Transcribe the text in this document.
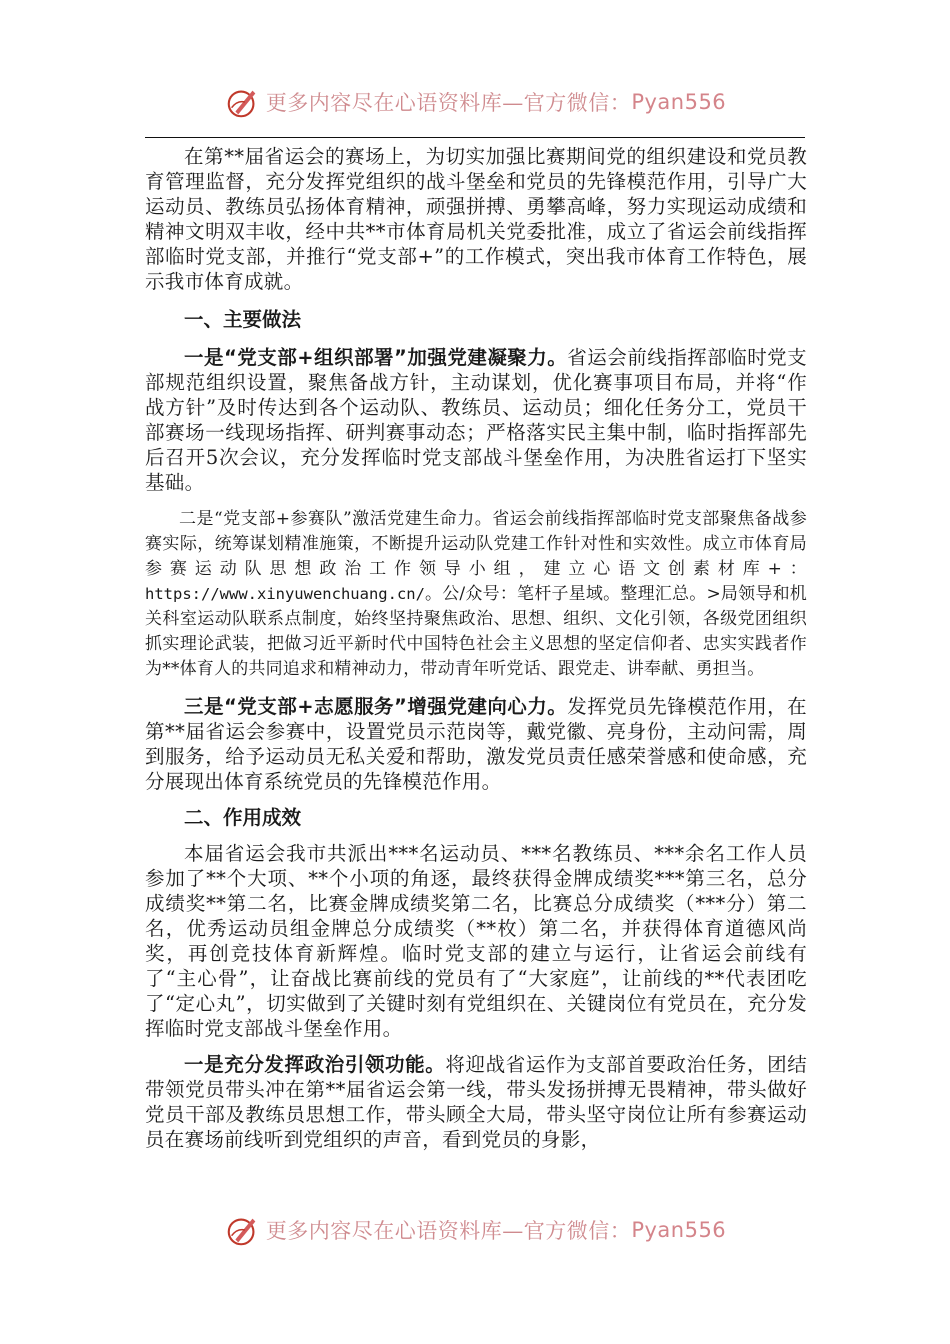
更多内容尽在心语资料库—官方微信： Pyan556

在第**届省运会的赛场上，为切实加强比赛期间党的组织建设和党员教育管理监督，充分发挥党组织的战斗堡垒和党员的先锋模范作用，引导广大运动员、教练员弘扬体育精神，顽强拼搏、勇攀高峰，努力实现运动成绩和精神文明双丰收，经中共**市体育局机关党委批准，成立了省运会前线指挥部临时党支部，并推行“党支部+”的工作模式，突出我市体育工作特色，展示我市体育成就。

一、主要做法

一是“党支部+组织部署”加强党建凝聚力。省运会前线指挥部临时党支部规范组织设置，聚焦备战方针，主动谋划，优化赛事项目布局，并将“作战方针”及时传达到各个运动队、教练员、运动员；细化任务分工，党员干部赛场一线现场指挥、研判赛事动态；严格落实民主集中制，临时指挥部先后召开5次会议，充分发挥临时党支部战斗堡垒作用，为决胜省运打下坚实基础。

二是“党支部+参赛队”激活党建生命力。省运会前线指挥部临时党支部聚焦备战参赛实际，统筹谋划精准施策，不断提升运动队党建工作针对性和实效性。成立市体育局参赛运动队思想政治工作领导小组，建立心语文创素材库+：https://www.xinyuwenchuang.cn/。公/众号：笔杆子星域。整理汇总。>局领导和机关科室运动队联系点制度，始终坚持聚焦政治、思想、组织、文化引领，各级党团组织抓实理论武装，把做习近平新时代中国特色社会主义思想的坚定信仰者、忠实实践者作为**体育人的共同追求和精神动力，带动青年听党话、跟党走、讲奉献、勇担当。

三是“党支部+志愿服务”增强党建向心力。发挥党员先锋模范作用，在第**届省运会参赛中，设置党员示范岗等，戴党徽、亮身份，主动问需，周到服务，给予运动员无私关爱和帮助，激发党员责任感荣誉感和使命感，充分展现出体育系统党员的先锋模范作用。

二、作用成效

本届省运会我市共派出***名运动员、***名教练员、***余名工作人员参加了**个大项、**个小项的角逐，最终获得金牌成绩奖***第三名，总分成绩奖**第二名，比赛金牌成绩奖第二名，比赛总分成绩奖（***分）第二名，优秀运动员组金牌总分成绩奖（**枚）第二名，并获得体育道德风尚奖，再创竞技体育新辉煌。临时党支部的建立与运行，让省运会前线有了“主心骨”，让奋战比赛前线的党员有了“大家庭”，让前线的**代表团吃了“定心丸”，切实做到了关键时刻有党组织在、关键岗位有党员在，充分发挥临时党支部战斗堡垒作用。

一是充分发挥政治引领功能。将迎战省运作为支部首要政治任务，团结带领党员带头冲在第**届省运会第一线，带头发扬拼搏无畏精神，带头做好党员干部及教练员思想工作，带头顾全大局，带头坚守岗位让所有参赛运动员在赛场前线听到党组织的声音，看到党员的身影，

更多内容尽在心语资料库—官方微信： Pyan556
